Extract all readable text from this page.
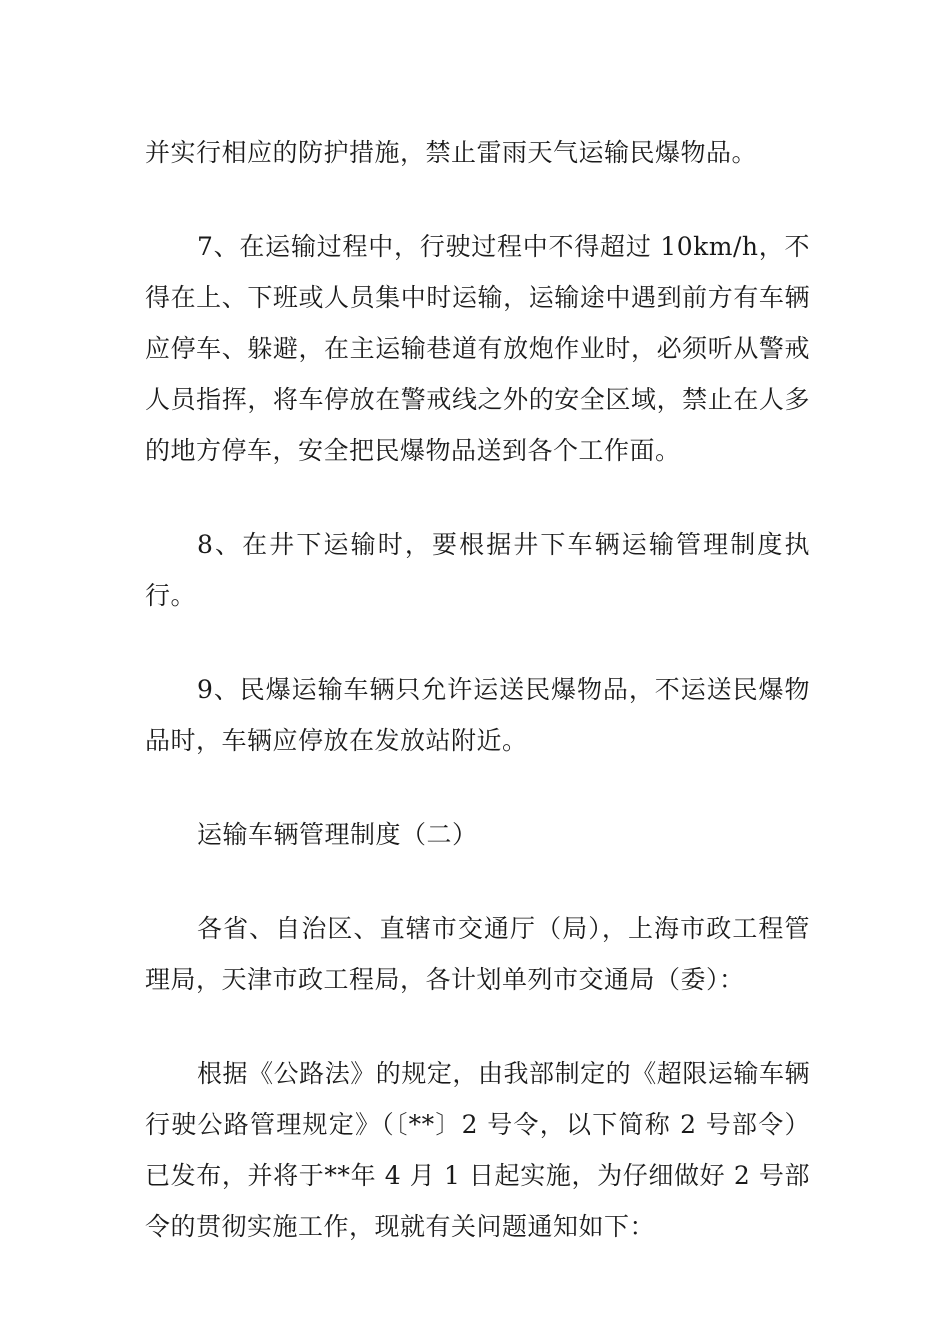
并实行相应的防护措施，禁止雷雨天气运输民爆物品。

7、在运输过程中，行驶过程中不得超过 10km/h，不得在上、下班或人员集中时运输，运输途中遇到前方有车辆应停车、躲避，在主运输巷道有放炮作业时，必须听从警戒人员指挥，将车停放在警戒线之外的安全区域，禁止在人多的地方停车，安全把民爆物品送到各个工作面。

8、在井下运输时，要根据井下车辆运输管理制度执行。

9、民爆运输车辆只允许运送民爆物品，不运送民爆物品时，车辆应停放在发放站附近。

运输车辆管理制度（二）

各省、自治区、直辖市交通厅（局），上海市政工程管理局，天津市政工程局，各计划单列市交通局（委）：

根据《公路法》的规定，由我部制定的《超限运输车辆行驶公路管理规定》（〔**〕2 号令，以下简称 2 号部令）已发布，并将于**年 4 月 1 日起实施，为仔细做好 2 号部令的贯彻实施工作，现就有关问题通知如下：
